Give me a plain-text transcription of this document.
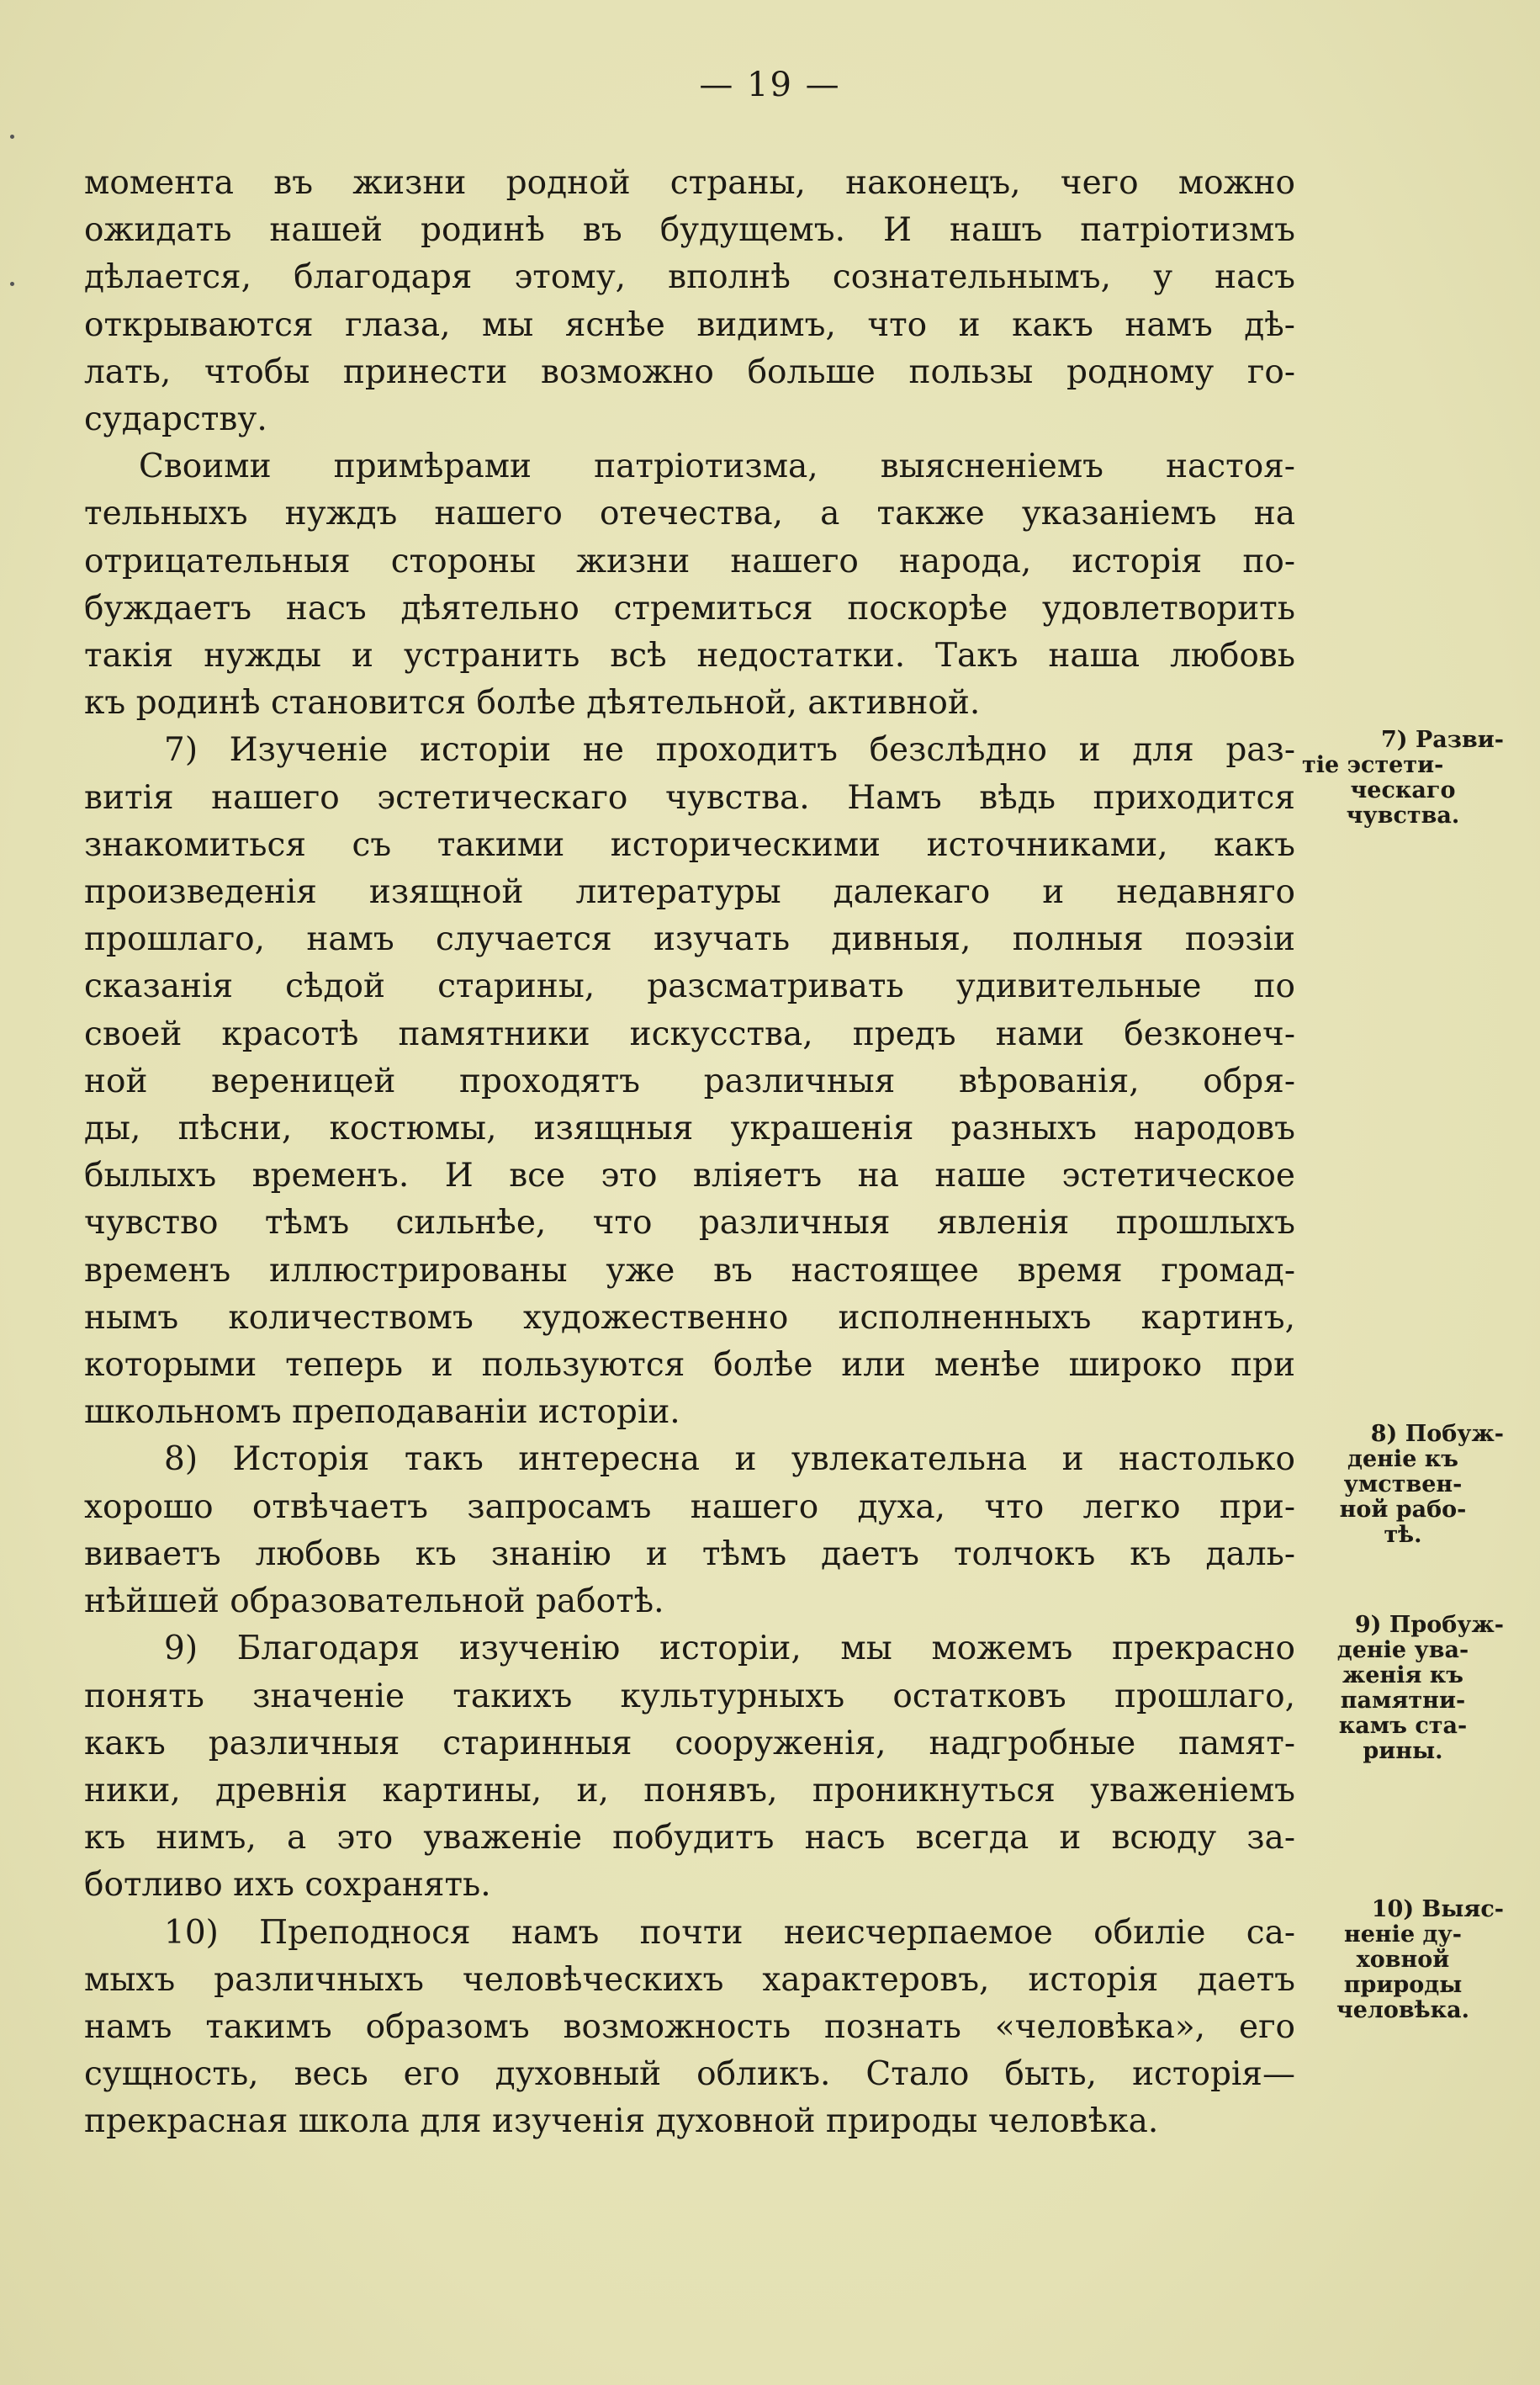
— 19 —
момента въ жизни родной страны, наконецъ, чего можно
ожидать нашей родинѣ въ будущемъ. И нашъ патріотизмъ
дѣлается, благодаря этому, вполнѣ сознательнымъ, у насъ
открываются глаза, мы яснѣе видимъ, что и какъ намъ дѣ-
лать, чтобы принести возможно больше пользы родному го-
сударству.
Своими примѣрами патріотизма, выясненіемъ настоя-
тельныхъ нуждъ нашего отечества, а также указаніемъ на
отрицательныя стороны жизни нашего народа, исторія по-
буждаетъ насъ дѣятельно стремиться поскорѣе удовлетворить
такія нужды и устранить всѣ недостатки. Такъ наша любовь
къ родинѣ становится болѣе дѣятельной, активной.
7) Изученіе исторіи не проходитъ безслѣдно и для раз-
витія нашего эстетическаго чувства. Намъ вѣдь приходится
знакомиться съ такими историческими источниками, какъ
произведенія изящной литературы далекаго и недавняго
прошлаго, намъ случается изучать дивныя, полныя поэзіи
сказанія сѣдой старины, разсматривать удивительные по
своей красотѣ памятники искусства, предъ нами безконеч-
ной вереницей проходятъ различныя вѣрованія, обря-
ды, пѣсни, костюмы, изящныя украшенія разныхъ народовъ
былыхъ временъ. И все это вліяетъ на наше эстетическое
чувство тѣмъ сильнѣе, что различныя явленія прошлыхъ
временъ иллюстрированы уже въ настоящее время громад-
нымъ количествомъ художественно исполненныхъ картинъ,
которыми теперь и пользуются болѣе или менѣе широко при
школьномъ преподаваніи исторіи.
8) Исторія такъ интересна и увлекательна и настолько
хорошо отвѣчаетъ запросамъ нашего духа, что легко при-
виваетъ любовь къ знанію и тѣмъ даетъ толчокъ къ даль-
нѣйшей образовательной работѣ.
9) Благодаря изученію исторіи, мы можемъ прекрасно
понять значеніе такихъ культурныхъ остатковъ прошлаго,
какъ различныя старинныя сооруженія, надгробные памят-
ники, древнія картины, и, понявъ, проникнуться уваженіемъ
къ нимъ, а это уваженіе побудитъ насъ всегда и всюду за-
ботливо ихъ сохранять.
10) Преподнося намъ почти неисчерпаемое обиліе са-
мыхъ различныхъ человѣческихъ характеровъ, исторія даетъ
намъ такимъ образомъ возможность познать «человѣка», его
сущность, весь его духовный обликъ. Стало быть, исторія—
прекрасная школа для изученія духовной природы человѣка.
7) Разви-
тіе эстети-
ческаго
чувства.
8) Побуж-
деніе къ
умствен-
ной рабо-
тѣ.
9) Пробуж-
деніе ува-
женія къ
памятни-
камъ ста-
рины.
10) Выяс-
неніе ду-
ховной
природы
человѣка.
